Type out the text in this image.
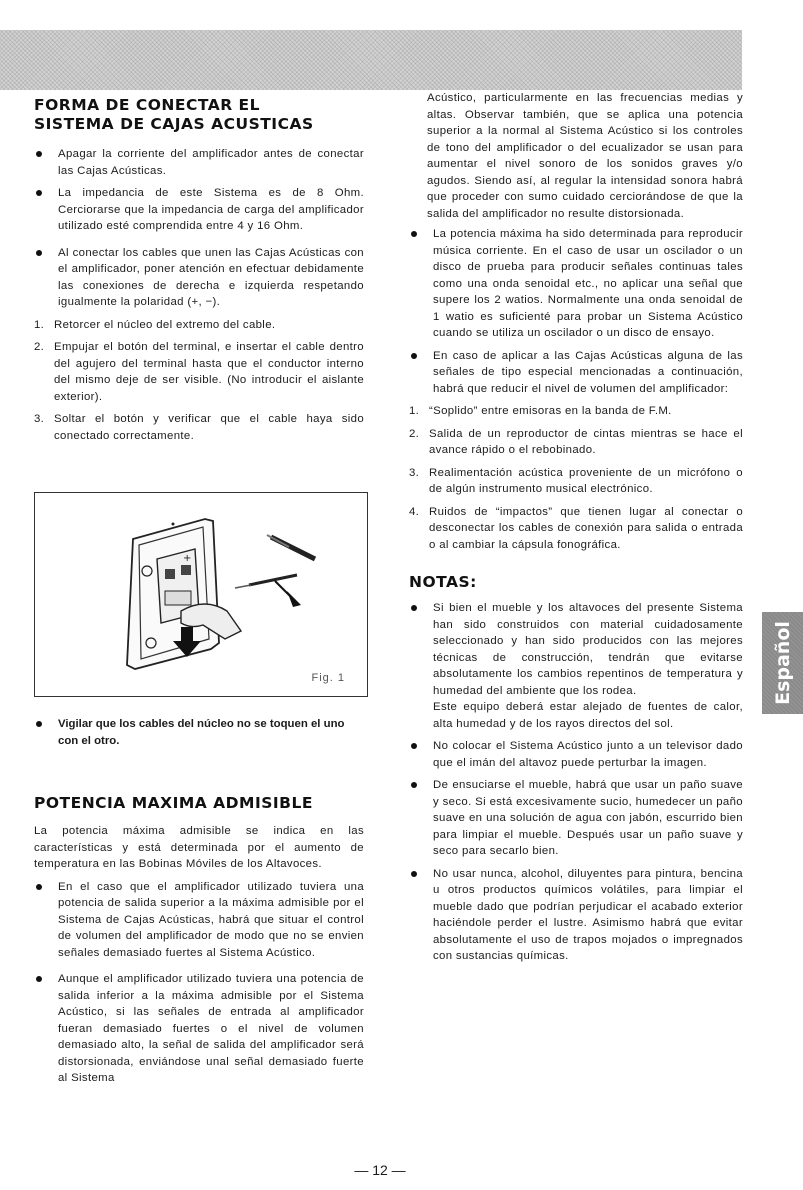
FORMA DE CONECTAR EL
SISTEMA DE CAJAS ACUSTICAS
Apagar la corriente del amplificador antes de conectar las Cajas Acústicas.
La impedancia de este Sistema es de 8 Ohm. Cerciorarse que la impedancia de carga del amplificador utilizado esté comprendida entre 4 y 16 Ohm.
Al conectar los cables que unen las Cajas Acústicas con el amplificador, poner atención en efectuar debidamente las conexiones de derecha e izquierda respetando igualmente la polaridad (+, −).
1. Retorcer el núcleo del extremo del cable.
2. Empujar el botón del terminal, e insertar el cable dentro del agujero del terminal hasta que el conductor interno del mismo deje de ser visible. (No introducir el aislante exterior).
3. Soltar el botón y verificar que el cable haya sido conectado correctamente.
+
Fig. 1
Vigilar que los cables del núcleo no se toquen el uno con el otro.
POTENCIA MAXIMA ADMISIBLE

La potencia máxima admisible se indica en las características y está determinada por el aumento de temperatura en las Bobinas Móviles de los Altavoces.

En el caso que el amplificador utilizado tuviera una potencia de salida superior a la máxima admisible por el Sistema de Cajas Acústicas, habrá que situar el control de volumen del amplificador de modo que no se envien señales demasiado fuertes al Sistema Acústico.
Aunque el amplificador utilizado tuviera una potencia de salida inferior a la máxima admisible por el Sistema Acústico, si las señales de entrada al amplificador fueran demasiado fuertes o el nivel de volumen demasiado alto, la señal de salida del amplificador será distorsionada, enviándose unal señal demasiado fuerte al Sistema

Acústico, particularmente en las frecuencias medias y altas. Observar también, que se aplica una potencia superior a la normal al Sistema Acústico si los controles de tono del amplificador o del ecualizador se usan para aumentar el nivel sonoro de los sonidos graves y/o agudos. Siendo así, al regular la intensidad sonora habrá que proceder con sumo cuidado cerciorándose de que la salida del amplificador no resulte distorsionada.

La potencia máxima ha sido determinada para reproducir música corriente. En el caso de usar un oscilador o un disco de prueba para producir señales continuas tales como una onda senoidal etc., no aplicar una señal que supere los 2 watios. Normalmente una onda senoidal de 1 watio es suficienté para probar un Sistema Acústico cuando se utiliza un oscilador o un disco de ensayo.
En caso de aplicar a las Cajas Acústicas alguna de las señales de tipo especial mencionadas a continuación, habrá que reducir el nivel de volumen del amplificador:
1. “Soplido” entre emisoras en la banda de F.M.
2. Salida de un reproductor de cintas mientras se hace el avance rápido o el rebobinado.
3. Realimentación acústica proveniente de un micrófono o de algún instrumento musical electrónico.
4. Ruidos de “impactos” que tienen lugar al conectar o desconectar los cables de conexión para salida o entrada o al cambiar la cápsula fonográfica.
NOTAS:
Si bien el mueble y los altavoces del presente Sistema han sido construidos con material cuidadosamente seleccionado y han sido producidos con las mejores técnicas de construcción, tendrán que evitarse absolutamente los cambios repentinos de temperatura y humedad del ambiente que los rodea.
Este equipo deberá estar alejado de fuentes de calor, alta humedad y de los rayos directos del sol.
No colocar el Sistema Acústico junto a un televisor dado que el imán del altavoz puede perturbar la imagen.
De ensuciarse el mueble, habrá que usar un paño suave y seco. Si está excesivamente sucio, humedecer un paño suave en una solución de agua con jabón, escurrido bien para limpiar el mueble. Después usar un paño suave y seco para secarlo bien.
No usar nunca, alcohol, diluyentes para pintura, bencina u otros productos químicos volátiles, para limpiar el mueble dado que podrían perjudicar el acabado exterior haciéndole perder el lustre. Asimismo habrá que evitar absolutamente el uso de trapos mojados o impregnados con sustancias químicas.
Español
— 12 —
